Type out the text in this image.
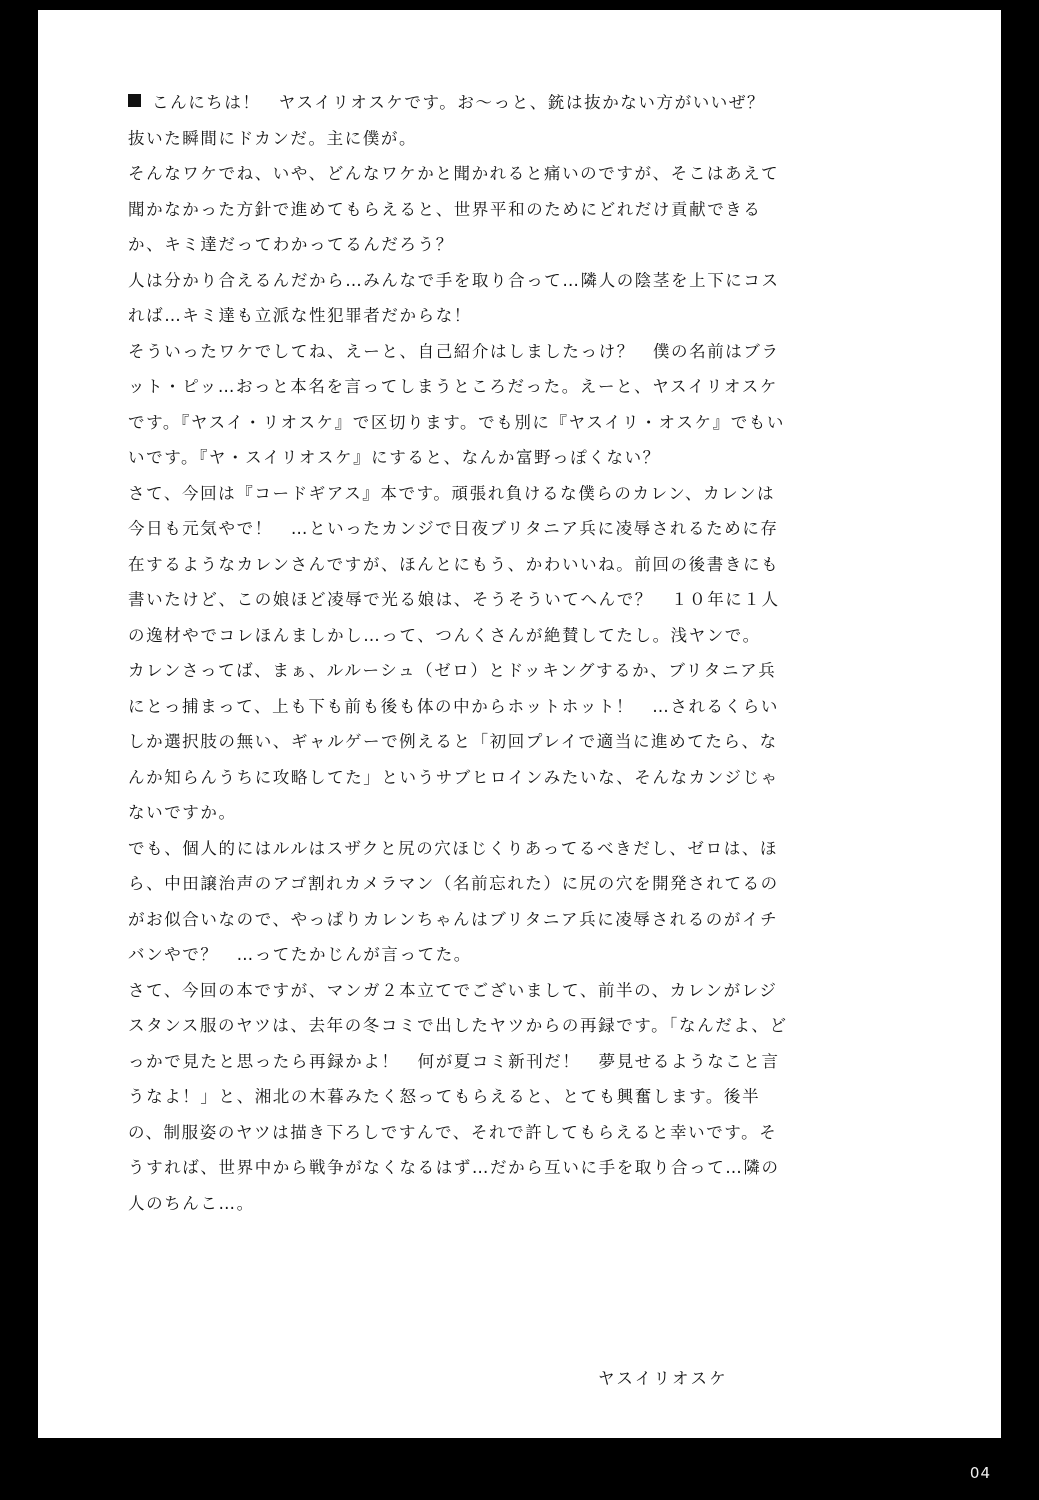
こんにちは！　ヤスイリオスケです。お〜っと、銃は抜かない方がいいぜ？　抜いた瞬間にドカンだ。主に僕が。

そんなワケでね、いや、どんなワケかと聞かれると痛いのですが、そこはあえて聞かなかった方針で進めてもらえると、世界平和のためにどれだけ貢献できるか、キミ達だってわかってるんだろう？

人は分かり合えるんだから…みんなで手を取り合って…隣人の陰茎を上下にコスれば…キミ達も立派な性犯罪者だからな！

そういったワケでしてね、えーと、自己紹介はしましたっけ？　僕の名前はブラット・ピッ…おっと本名を言ってしまうところだった。えーと、ヤスイリオスケです。『ヤスイ・リオスケ』で区切ります。でも別に『ヤスイリ・オスケ』でもいいです。『ヤ・スイリオスケ』にすると、なんか富野っぽくない？

さて、今回は『コードギアス』本です。頑張れ負けるな僕らのカレン、カレンは今日も元気やで！　…といったカンジで日夜ブリタニア兵に凌辱されるために存在するようなカレンさんですが、ほんとにもう、かわいいね。前回の後書きにも書いたけど、この娘ほど凌辱で光る娘は、そうそういてへんで？　１０年に１人の逸材やでコレほんましかし…って、つんくさんが絶賛してたし。浅ヤンで。

カレンさってば、まぁ、ルルーシュ（ゼロ）とドッキングするか、ブリタニア兵にとっ捕まって、上も下も前も後も体の中からホットホット！　…されるくらいしか選択肢の無い、ギャルゲーで例えると「初回プレイで適当に進めてたら、なんか知らんうちに攻略してた」というサブヒロインみたいな、そんなカンジじゃないですか。

でも、個人的にはルルはスザクと尻の穴ほじくりあってるべきだし、ゼロは、ほら、中田譲治声のアゴ割れカメラマン（名前忘れた）に尻の穴を開発されてるのがお似合いなので、やっぱりカレンちゃんはブリタニア兵に凌辱されるのがイチバンやで？　…ってたかじんが言ってた。

さて、今回の本ですが、マンガ２本立てでございまして、前半の、カレンがレジスタンス服のヤツは、去年の冬コミで出したヤツからの再録です。「なんだよ、どっかで見たと思ったら再録かよ！　何が夏コミ新刊だ！　夢見せるようなこと言うなよ！」と、湘北の木暮みたく怒ってもらえると、とても興奮します。後半の、制服姿のヤツは描き下ろしですんで、それで許してもらえると幸いです。そうすれば、世界中から戦争がなくなるはず…だから互いに手を取り合って…隣の人のちんこ…。

ヤスイリオスケ
04
